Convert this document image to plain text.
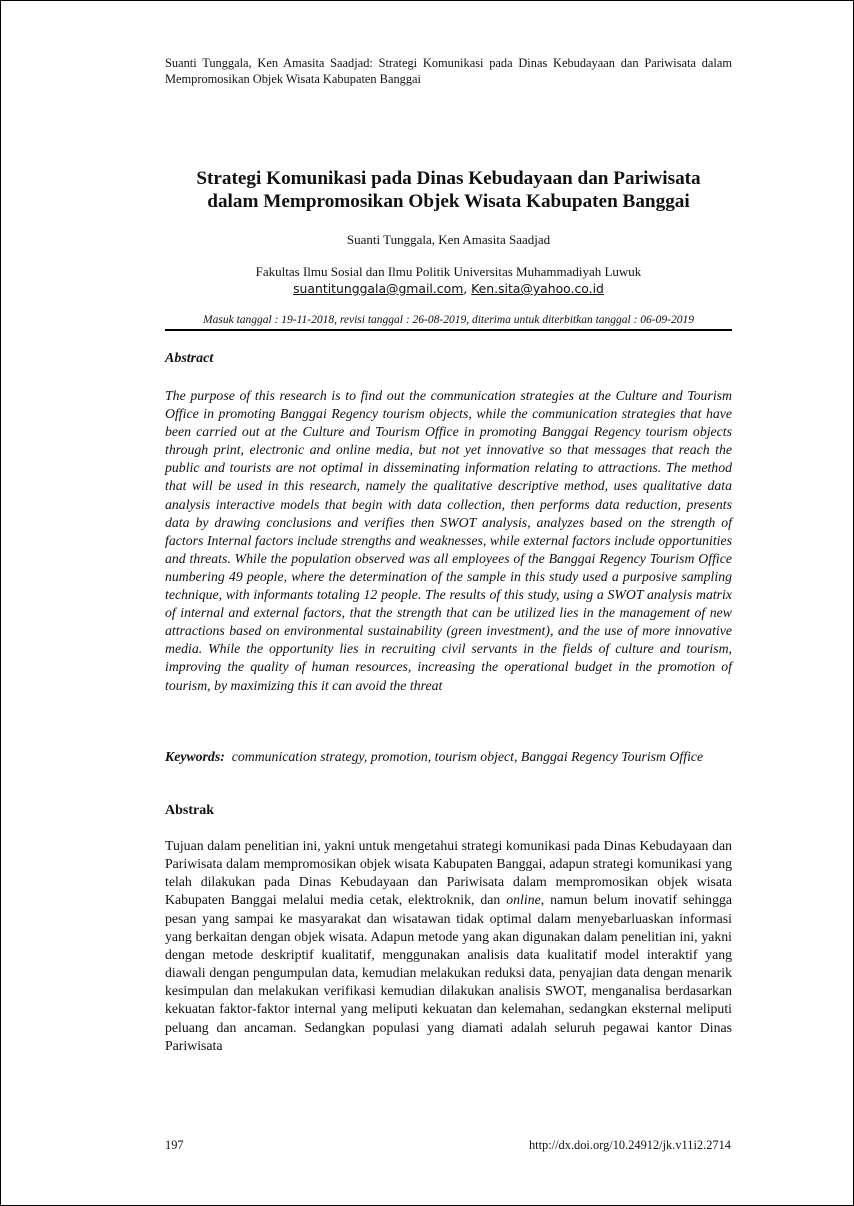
Suanti Tunggala, Ken Amasita Saadjad: Strategi Komunikasi pada Dinas Kebudayaan dan Pariwisata dalam Mempromosikan Objek Wisata Kabupaten Banggai
Strategi Komunikasi pada Dinas Kebudayaan dan Pariwisata
dalam Mempromosikan Objek Wisata Kabupaten Banggai
Suanti Tunggala, Ken Amasita Saadjad
Fakultas Ilmu Sosial dan Ilmu Politik Universitas Muhammadiyah Luwuk
suantitunggala@gmail.com, Ken.sita@yahoo.co.id
Masuk tanggal : 19-11-2018, revisi tanggal : 26-08-2019, diterima untuk diterbitkan tanggal : 06-09-2019
Abstract
The purpose of this research is to find out the communication strategies at the Culture and Tourism Office in promoting Banggai Regency tourism objects, while the communication strategies that have been carried out at the Culture and Tourism Office in promoting Banggai Regency tourism objects through print, electronic and online media, but not yet innovative so that messages that reach the public and tourists are not optimal in disseminating information relating to attractions. The method that will be used in this research, namely the qualitative descriptive method, uses qualitative data analysis interactive models that begin with data collection, then performs data reduction, presents data by drawing conclusions and verifies then SWOT analysis, analyzes based on the strength of factors Internal factors include strengths and weaknesses, while external factors include opportunities and threats. While the population observed was all employees of the Banggai Regency Tourism Office numbering 49 people, where the determination of the sample in this study used a purposive sampling technique, with informants totaling 12 people. The results of this study, using a SWOT analysis matrix of internal and external factors, that the strength that can be utilized lies in the management of new attractions based on environmental sustainability (green investment), and the use of more innovative media. While the opportunity lies in recruiting civil servants in the fields of culture and tourism, improving the quality of human resources, increasing the operational budget in the promotion of tourism, by maximizing this it can avoid the threat
Keywords: communication strategy, promotion, tourism object, Banggai Regency Tourism Office
Abstrak
Tujuan dalam penelitian ini, yakni untuk mengetahui strategi komunikasi pada Dinas Kebudayaan dan Pariwisata dalam mempromosikan objek wisata Kabupaten Banggai, adapun strategi komunikasi yang telah dilakukan pada Dinas Kebudayaan dan Pariwisata dalam mempromosikan objek wisata Kabupaten Banggai melalui media cetak, elektroknik, dan online, namun belum inovatif sehingga pesan yang sampai ke masyarakat dan wisatawan tidak optimal dalam menyebarluaskan informasi yang berkaitan dengan objek wisata. Adapun metode yang akan digunakan dalam penelitian ini, yakni dengan metode deskriptif kualitatif, menggunakan analisis data kualitatif model interaktif yang diawali dengan pengumpulan data, kemudian melakukan reduksi data, penyajian data dengan menarik kesimpulan dan melakukan verifikasi kemudian dilakukan analisis SWOT, menganalisa berdasarkan kekuatan faktor-faktor internal yang meliputi kekuatan dan kelemahan, sedangkan eksternal meliputi peluang dan ancaman. Sedangkan populasi yang diamati adalah seluruh pegawai kantor Dinas Pariwisata
197	http://dx.doi.org/10.24912/jk.v11i2.2714
